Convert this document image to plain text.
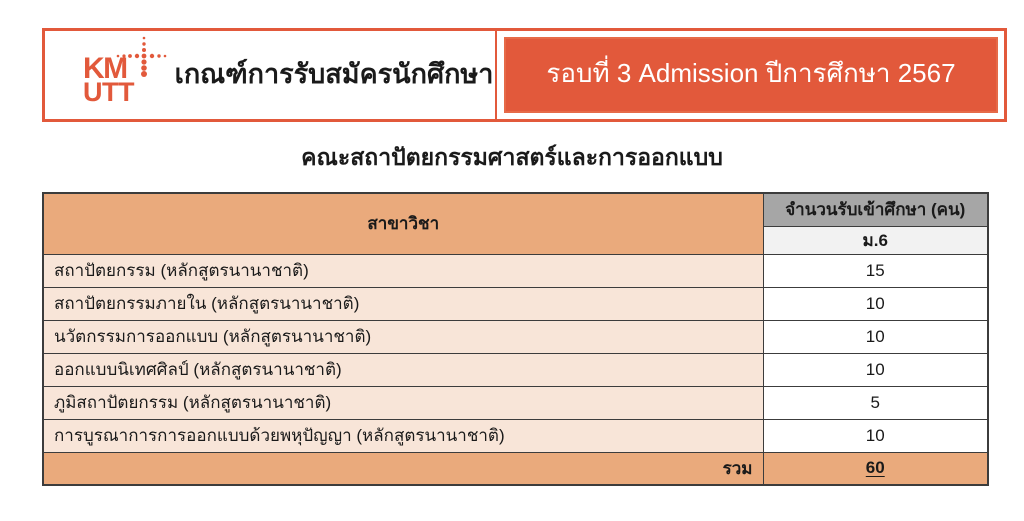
KM
UTT
เกณฑ์การรับสมัครนักศึกษา	รอบที่ 3 Admission ปีการศึกษา 2567
คณะสถาปัตยกรรมศาสตร์และการออกแบบ
สาขาวิชา	จำนวนรับเข้าศึกษา (คน)
	ม.6
สถาปัตยกรรม (หลักสูตรนานาชาติ)	15
สถาปัตยกรรมภายใน (หลักสูตรนานาชาติ)	10
นวัตกรรมการออกแบบ (หลักสูตรนานาชาติ)	10
ออกแบบนิเทศศิลป์ (หลักสูตรนานาชาติ)	10
ภูมิสถาปัตยกรรม (หลักสูตรนานาชาติ)	5
การบูรณาการการออกแบบด้วยพหุปัญญา (หลักสูตรนานาชาติ)	10
รวม	60
